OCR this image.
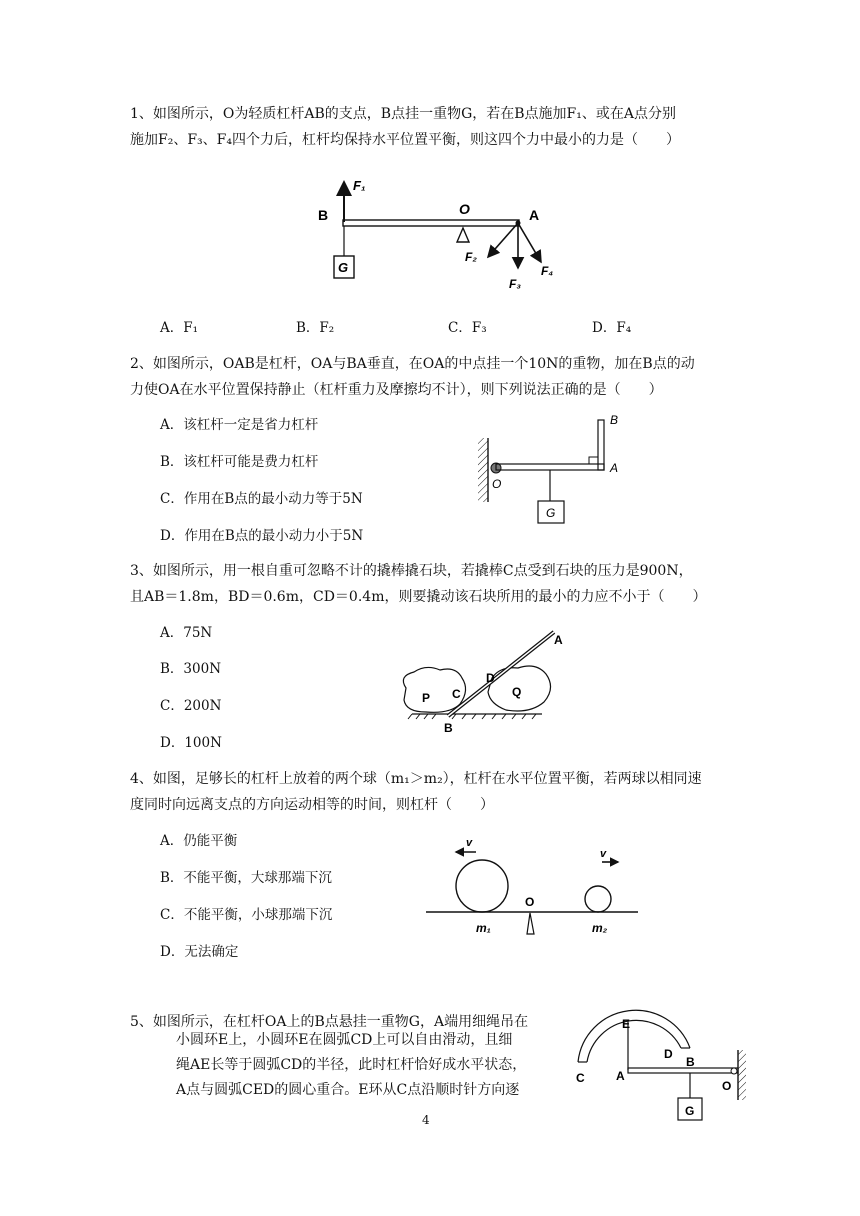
1、如图所示，O为轻质杠杆AB的支点，B点挂一重物G，若在B点施加F₁、或在A点分别
施加F₂、F₃、F₄四个力后，杠杆均保持水平位置平衡，则这四个力中最小的力是（　　）
B	O	A
F₁
G
F₂
F₃
F₄
A．F₁	B．F₂	C．F₃	D．F₄
2、如图所示，OAB是杠杆，OA与BA垂直，在OA的中点挂一个10N的重物，加在B点的动
力使OA在水平位置保持静止（杠杆重力及摩擦均不计），则下列说法正确的是（　　）
A．该杠杆一定是省力杠杆
B．该杠杆可能是费力杠杆
C．作用在B点的最小动力等于5N
D．作用在B点的最小动力小于5N
B
A
O
G
3、如图所示，用一根自重可忽略不计的撬棒撬石块，若撬棒C点受到石块的压力是900N，
且AB＝1.8m，BD＝0.6m，CD＝0.4m，则要撬动该石块所用的最小的力应不小于（　　）
A．75N
B．300N
C．200N
D．100N
A
D
C
P	Q
B
4、如图，足够长的杠杆上放着的两个球（m₁＞m₂），杠杆在水平位置平衡，若两球以相同速
度同时向远离支点的方向运动相等的时间，则杠杆（　　）
A．仍能平衡
B．不能平衡，大球那端下沉
C．不能平衡，小球那端下沉
D．无法确定
v
v
O
m₁	m₂
5、如图所示，在杠杆OA上的B点悬挂一重物G，A端用细绳吊在
小圆环E上，小圆环E在圆弧CD上可以自由滑动，且细
绳AE长等于圆弧CD的半径，此时杠杆恰好成水平状态，
A点与圆弧CED的圆心重合。E环从C点沿顺时针方向逐
E
C
D
B
A
O
G
4
